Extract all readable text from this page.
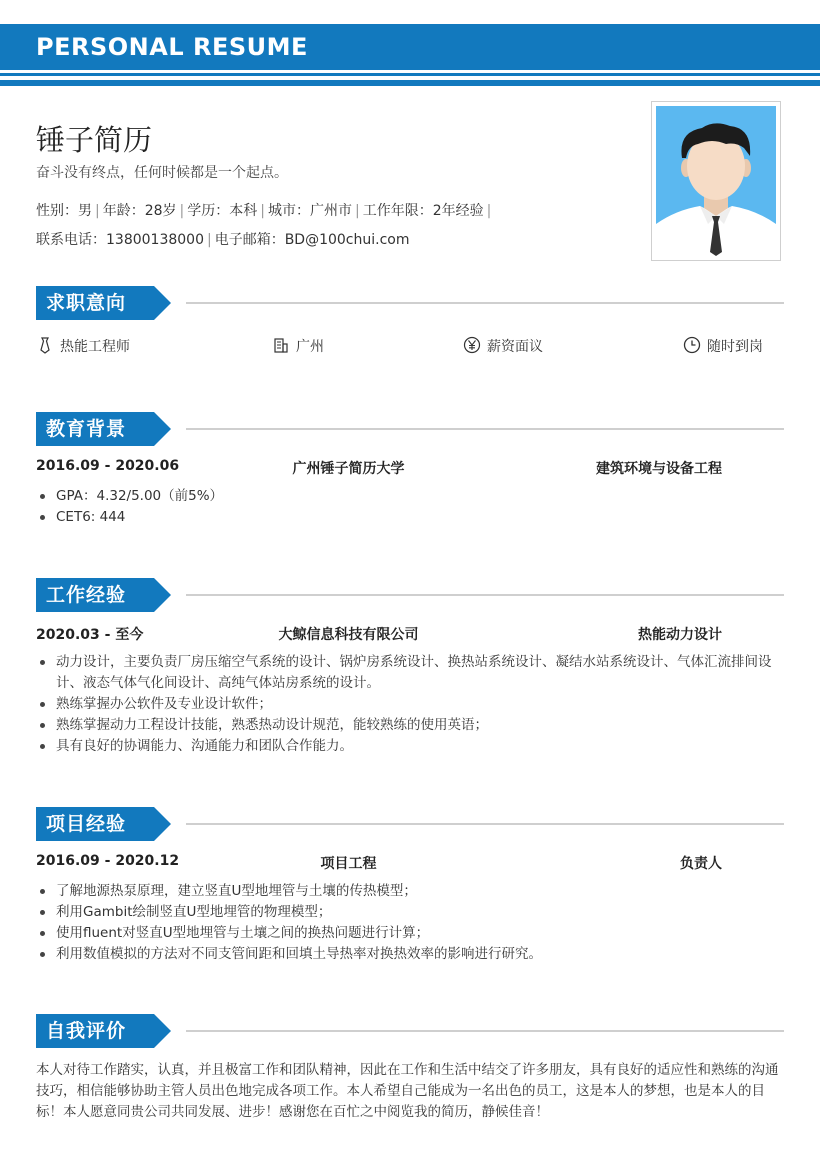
PERSONAL RESUME
锤子简历
奋斗没有终点，任何时候都是一个起点。
性别：男 | 年龄：28岁 | 学历：本科 | 城市：广州市 | 工作年限：2年经验 |
联系电话：13800138000 | 电子邮箱：BD@100chui.com
求职意向
热能工程师	广州	薪资面议	随时到岗
教育背景
2016.09 - 2020.06	广州锤子简历大学	建筑环境与设备工程
GPA：4.32/5.00（前5%）
CET6: 444
工作经验
2020.03 - 至今	大鲸信息科技有限公司	热能动力设计
动力设计，主要负责厂房压缩空气系统的设计、锅炉房系统设计、换热站系统设计、凝结水站系统设计、气体汇流排间设计、液态气体气化间设计、高纯气体站房系统的设计。
熟练掌握办公软件及专业设计软件；
熟练掌握动力工程设计技能，熟悉热动设计规范，能较熟练的使用英语；
具有良好的协调能力、沟通能力和团队合作能力。
项目经验
2016.09 - 2020.12	项目工程	负责人
了解地源热泵原理，建立竖直U型地埋管与土壤的传热模型；
利用Gambit绘制竖直U型地埋管的物理模型；
使用fluent对竖直U型地埋管与土壤之间的换热问题进行计算；
利用数值模拟的方法对不同支管间距和回填土导热率对换热效率的影响进行研究。
自我评价
本人对待工作踏实，认真，并且极富工作和团队精神，因此在工作和生活中结交了许多朋友，具有良好的适应性和熟练的沟通技巧，相信能够协助主管人员出色地完成各项工作。本人希望自己能成为一名出色的员工，这是本人的梦想，也是本人的目标！本人愿意同贵公司共同发展、进步！感谢您在百忙之中阅览我的简历，静候佳音！
